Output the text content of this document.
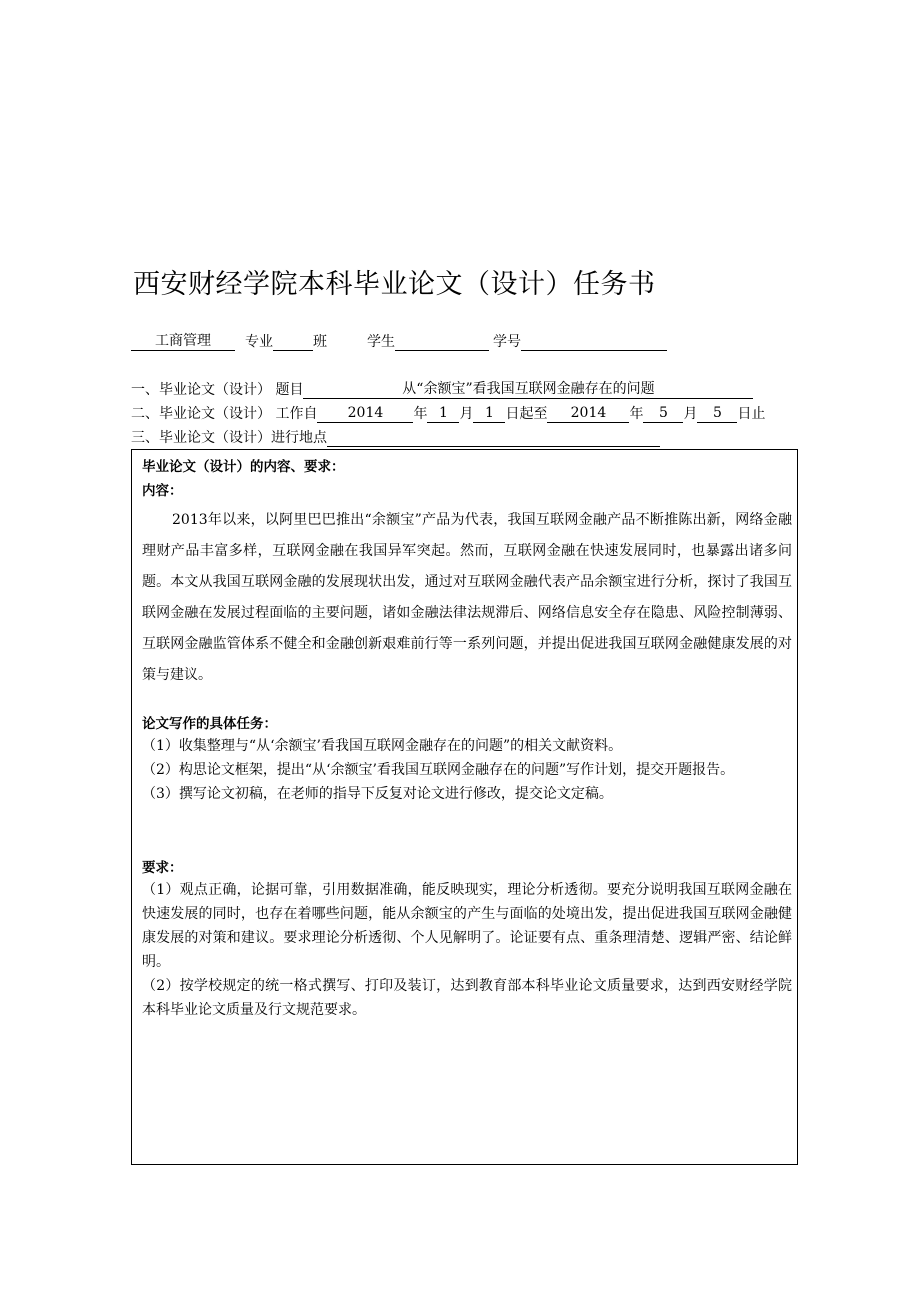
西安财经学院本科毕业论文（设计）任务书
工商管理 专业	班	学生	学号
一、毕业论文（设计） 题目	从“余额宝”看我国互联网金融存在的问题
二、毕业论文（设计） 工作自 2014 年 1 月 1 日起至 2014 年 5 月 5 日止
三、毕业论文（设计）进行地点
毕业论文（设计）的内容、要求：
内容：
2013年以来，以阿里巴巴推出“余额宝”产品为代表，我国互联网金融产品不断推陈出新，网络金融理财产品丰富多样，互联网金融在我国异军突起。然而，互联网金融在快速发展同时，也暴露出诸多问题。本文从我国互联网金融的发展现状出发，通过对互联网金融代表产品余额宝进行分析，探讨了我国互联网金融在发展过程面临的主要问题，诸如金融法律法规滞后、网络信息安全存在隐患、风险控制薄弱、互联网金融监管体系不健全和金融创新艰难前行等一系列问题，并提出促进我国互联网金融健康发展的对策与建议。
论文写作的具体任务：
（1）收集整理与“从‘余额宝’看我国互联网金融存在的问题”的相关文献资料。
（2）构思论文框架，提出“从‘余额宝’看我国互联网金融存在的问题”写作计划，提交开题报告。
（3）撰写论文初稿，在老师的指导下反复对论文进行修改，提交论文定稿。
要求：
（1）观点正确，论据可靠，引用数据准确，能反映现实，理论分析透彻。要充分说明我国互联网金融在快速发展的同时，也存在着哪些问题，能从余额宝的产生与面临的处境出发，提出促进我国互联网金融健康发展的对策和建议。要求理论分析透彻、个人见解明了。论证要有点、重条理清楚、逻辑严密、结论鲜明。
（2）按学校规定的统一格式撰写、打印及装订，达到教育部本科毕业论文质量要求，达到西安财经学院本科毕业论文质量及行文规范要求。
